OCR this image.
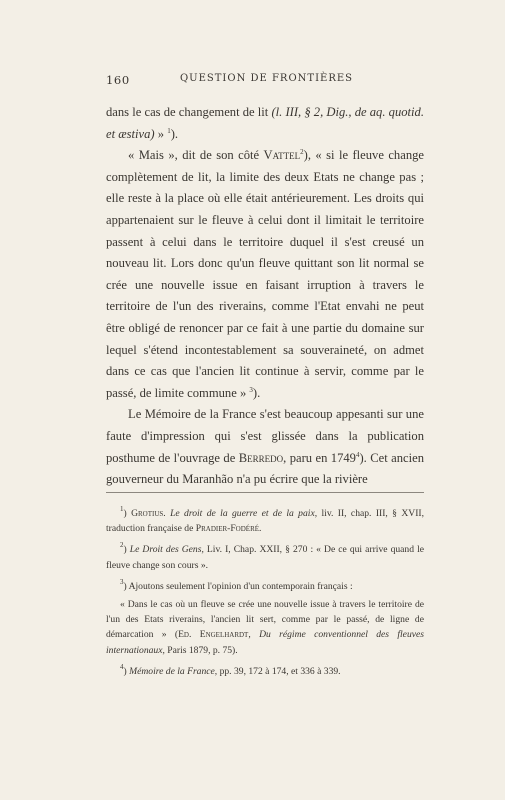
160	QUESTION DE FRONTIÈRES

dans le cas de changement de lit (l. III, § 2, Dig., de aq. quotid. et æstiva) » $^1$).

« Mais », dit de son côté Vattel$^2$), « si le fleuve change complètement de lit, la limite des deux Etats ne change pas ; elle reste à la place où elle était antérieurement. Les droits qui appartenaient sur le fleuve à celui dont il limitait le territoire passent à celui dans le territoire duquel il s'est creusé un nouveau lit. Lors donc qu'un fleuve quittant son lit normal se crée une nouvelle issue en faisant irruption à travers le territoire de l'un des riverains, comme l'Etat envahi ne peut être obligé de renoncer par ce fait à une partie du domaine sur lequel s'étend incontestablement sa souveraineté, on admet dans ce cas que l'ancien lit continue à servir, comme par le passé, de limite commune » $^3$).

Le Mémoire de la France s'est beaucoup appesanti sur une faute d'impression qui s'est glissée dans la publication posthume de l'ouvrage de Berredo, paru en 1749$^4$). Cet ancien gouverneur du Maranhão n'a pu écrire que la rivière

$^1$) Grotius. Le droit de la guerre et de la paix, liv. II, chap. III, § XVII, traduction française de Pradier-Fodéré.

$^2$) Le Droit des Gens, Liv. I, Chap. XXII, § 270 : « De ce qui arrive quand le fleuve change son cours ».

$^3$) Ajoutons seulement l'opinion d'un contemporain français :

« Dans le cas où un fleuve se crée une nouvelle issue à travers le territoire de l'un des Etats riverains, l'ancien lit sert, comme par le passé, de ligne de démarcation » (Ed. Engelhardt, Du régime conventionnel des fleuves internationaux, Paris 1879, p. 75).

$^4$) Mémoire de la France, pp. 39, 172 à 174, et 336 à 339.
